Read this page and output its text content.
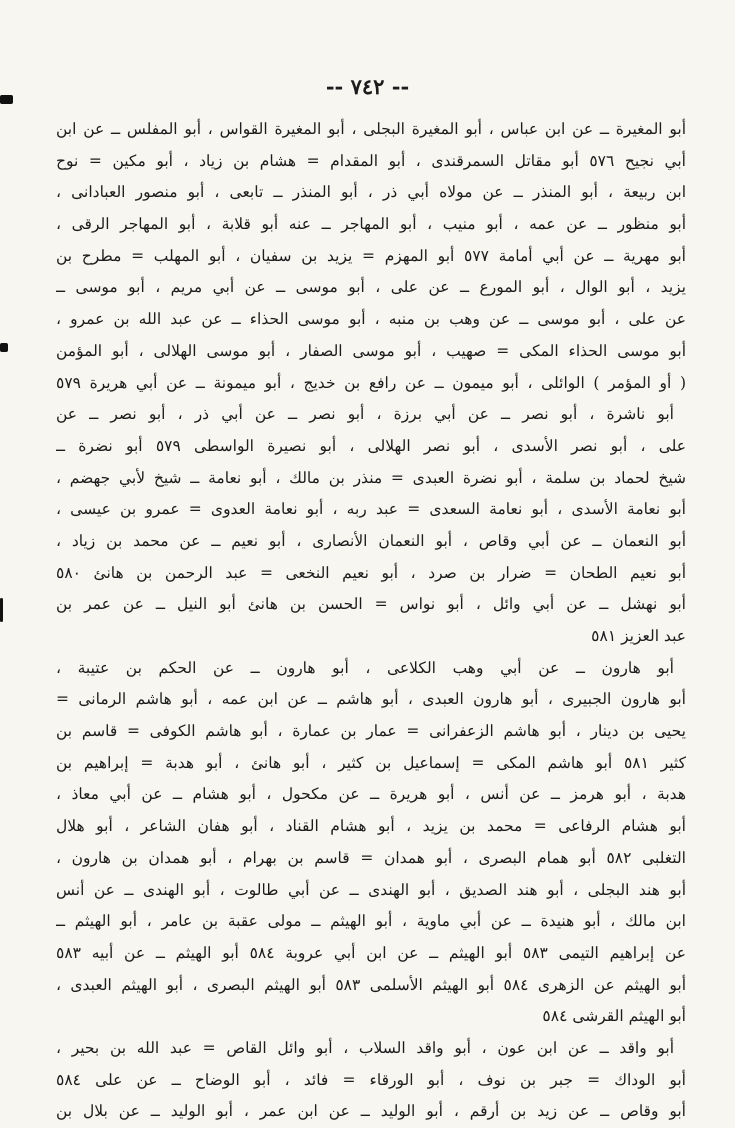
-- ٧٤٢ --
أبو المغيرة ــ عن ابن عباس ، أبو المغيرة البجلى ، أبو المغيرة القواس ، أبو المفلس ــ عن ابن
أبي نجيح ٥٧٦ أبو مقاتل السمرقندى ، أبو المقدام = هشام بن زياد ، أبو مكين = نوح
ابن ربيعة ، أبو المنذر ــ عن مولاه أبي ذر ، أبو المنذر ــ تابعى ، أبو منصور العبادانى ،
أبو منظور ــ عن عمه ، أبو منيب ، أبو المهاجر ــ عنه أبو قلابة ، أبو المهاجر الرقى ،
أبو مهرية ــ عن أبي أمامة ٥٧٧ أبو المهزم = يزيد بن سفيان ، أبو المهلب = مطرح بن
يزيد ، أبو الوال ، أبو المورع ــ عن على ، أبو موسى ــ عن أبي مريم ، أبو موسى ــ
عن على ، أبو موسى ــ عن وهب بن منبه ، أبو موسى الحذاء ــ عن عبد الله بن عمرو ،
أبو موسى الحذاء المكى = صهيب ، أبو موسى الصفار ، أبو موسى الهلالى ، أبو المؤمن
( أو المؤمر ) الوائلى ، أبو ميمون ــ عن رافع بن خديج ، أبو ميمونة ــ عن أبي هريرة ٥٧٩
أبو ناشرة ، أبو نصر ــ عن أبي برزة ، أبو نصر ــ عن أبي ذر ، أبو نصر ــ عن
على ، أبو نصر الأسدى ، أبو نصر الهلالى ، أبو نصيرة الواسطى ٥٧٩ أبو نضرة ــ
شيخ لحماد بن سلمة ، أبو نضرة العبدى = منذر بن مالك ، أبو نعامة ــ شيخ لأبي جهضم ،
أبو نعامة الأسدى ، أبو نعامة السعدى = عبد ربه ، أبو نعامة العدوى = عمرو بن عيسى ،
أبو النعمان ــ عن أبي وقاص ، أبو النعمان الأنصارى ، أبو نعيم ــ عن محمد بن زياد ،
أبو نعيم الطحان = ضرار بن صرد ، أبو نعيم النخعى = عبد الرحمن بن هانئ ٥٨٠
أبو نهشل ــ عن أبي وائل ، أبو نواس = الحسن بن هانئ أبو النيل ــ عن عمر بن
عبد العزيز ٥٨١
أبو هارون ــ عن أبي وهب الكلاعى ، أبو هارون ــ عن الحكم بن عتيبة ،
أبو هارون الجبيرى ، أبو هارون العبدى ، أبو هاشم ــ عن ابن عمه ، أبو هاشم الرمانى =
يحيى بن دينار ، أبو هاشم الزعفرانى = عمار بن عمارة ، أبو هاشم الكوفى = قاسم بن
كثير ٥٨١ أبو هاشم المكى = إسماعيل بن كثير ، أبو هانئ ، أبو هدبة = إبراهيم بن
هدبة ، أبو هرمز ــ عن أنس ، أبو هريرة ــ عن مكحول ، أبو هشام ــ عن أبي معاذ ،
أبو هشام الرفاعى = محمد بن يزيد ، أبو هشام القناد ، أبو هفان الشاعر ، أبو هلال
التغلبى ٥٨٢ أبو همام البصرى ، أبو همدان = قاسم بن بهرام ، أبو همدان بن هارون ،
أبو هند البجلى ، أبو هند الصديق ، أبو الهندى ــ عن أبي طالوت ، أبو الهندى ــ عن أنس
ابن مالك ، أبو هنيدة ــ عن أبي ماوية ، أبو الهيثم ــ مولى عقبة بن عامر ، أبو الهيثم ــ
عن إبراهيم التيمى ٥٨٣ أبو الهيثم ــ عن ابن أبي عروبة ٥٨٤ أبو الهيثم ــ عن أبيه ٥٨٣
أبو الهيثم عن الزهرى ٥٨٤ أبو الهيثم الأسلمى ٥٨٣ أبو الهيثم البصرى ، أبو الهيثم العبدى ،
أبو الهيثم القرشى ٥٨٤
أبو واقد ــ عن ابن عون ، أبو واقد السلاب ، أبو وائل القاص = عبد الله بن بحير ،
أبو الوداك = جبر بن نوف ، أبو الورقاء = فائد ، أبو الوضاح ــ عن على ٥٨٤
أبو وقاص ــ عن زيد بن أرقم ، أبو الوليد ــ عن ابن عمر ، أبو الوليد ــ عن بلال بن
